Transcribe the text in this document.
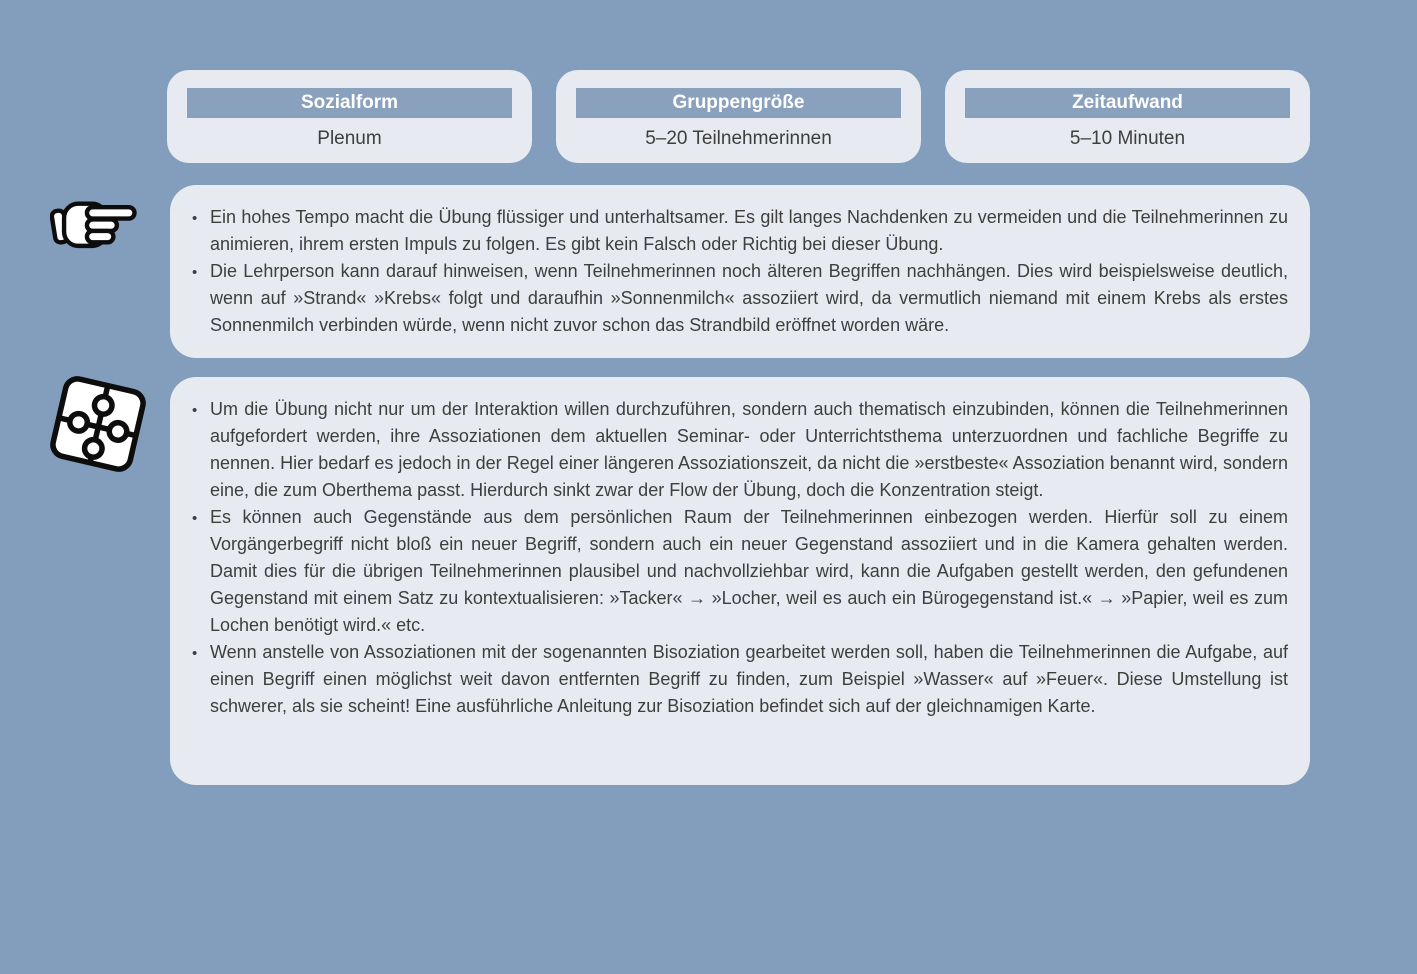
Sozialform
Plenum
Gruppengröße
5–20 Teilnehmerinnen
Zeitaufwand
5–10 Minuten
• Ein hohes Tempo macht die Übung flüssiger und unterhaltsamer. Es gilt langes Nachdenken zu vermeiden und die Teilnehmerinnen zu animieren, ihrem ersten Impuls zu folgen. Es gibt kein Falsch oder Richtig bei dieser Übung.
• Die Lehrperson kann darauf hinweisen, wenn Teilnehmerinnen noch älteren Begriffen nachhängen. Dies wird beispielsweise deutlich, wenn auf »Strand« »Krebs« folgt und daraufhin »Sonnenmilch« assoziiert wird, da vermutlich niemand mit einem Krebs als erstes Sonnenmilch verbinden würde, wenn nicht zuvor schon das Strandbild eröffnet worden wäre.
• Um die Übung nicht nur um der Interaktion willen durchzuführen, sondern auch thematisch einzubinden, können die Teilnehmerinnen aufgefordert werden, ihre Assoziationen dem aktuellen Seminar- oder Unterrichtsthema unterzuordnen und fachliche Begriffe zu nennen. Hier bedarf es jedoch in der Regel einer längeren Assoziationszeit, da nicht die »erstbeste« Assoziation benannt wird, sondern eine, die zum Oberthema passt. Hierdurch sinkt zwar der Flow der Übung, doch die Konzentration steigt.
• Es können auch Gegenstände aus dem persönlichen Raum der Teilnehmerinnen einbezogen werden. Hierfür soll zu einem Vorgängerbegriff nicht bloß ein neuer Begriff, sondern auch ein neuer Gegenstand assoziiert und in die Kamera gehalten werden. Damit dies für die übrigen Teilnehmerinnen plausibel und nachvollziehbar wird, kann die Aufgaben gestellt werden, den gefundenen Gegenstand mit einem Satz zu kontextualisieren: »Tacker« → »Locher, weil es auch ein Bürogegenstand ist.« → »Papier, weil es zum Lochen benötigt wird.« etc.
• Wenn anstelle von Assoziationen mit der sogenannten Bisoziation gearbeitet werden soll, haben die Teilnehmerinnen die Aufgabe, auf einen Begriff einen möglichst weit davon entfernten Begriff zu finden, zum Beispiel »Wasser« auf »Feuer«. Diese Umstellung ist schwerer, als sie scheint! Eine ausführliche Anleitung zur Bisoziation befindet sich auf der gleichnamigen Karte.
